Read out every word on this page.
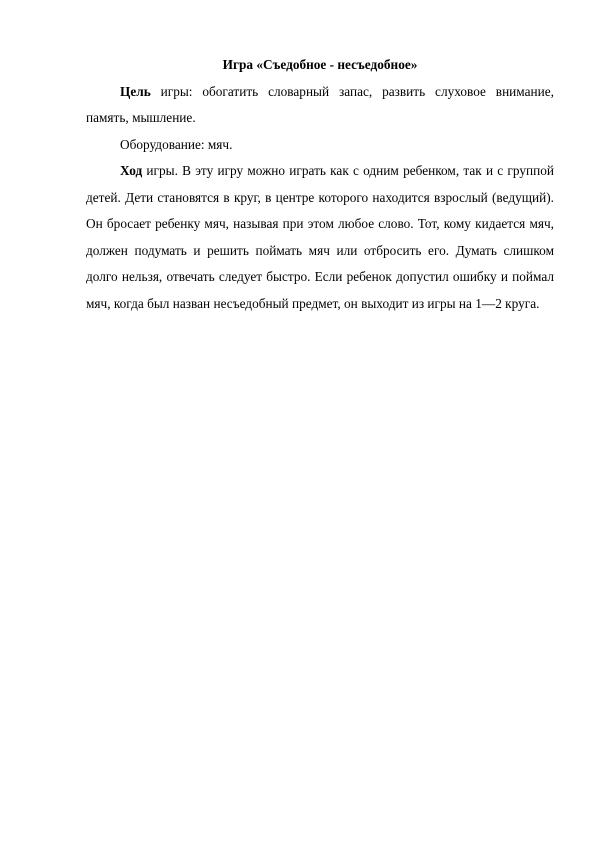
Игра «Съедобное - несъедобное»

Цель игры: обогатить словарный запас, развить слуховое внимание, память, мышление.

Оборудование: мяч.

Ход игры. В эту игру можно играть как с одним ребенком, так и с группой детей. Дети становятся в круг, в центре которого находится взрослый (ведущий). Он бросает ребенку мяч, называя при этом любое слово. Тот, кому кидается мяч, должен подумать и решить поймать мяч или отбросить его. Думать слишком долго нельзя, отвечать следует быстро. Если ребенок допустил ошибку и поймал мяч, когда был назван несъедобный предмет, он выходит из игры на 1—2 круга.
